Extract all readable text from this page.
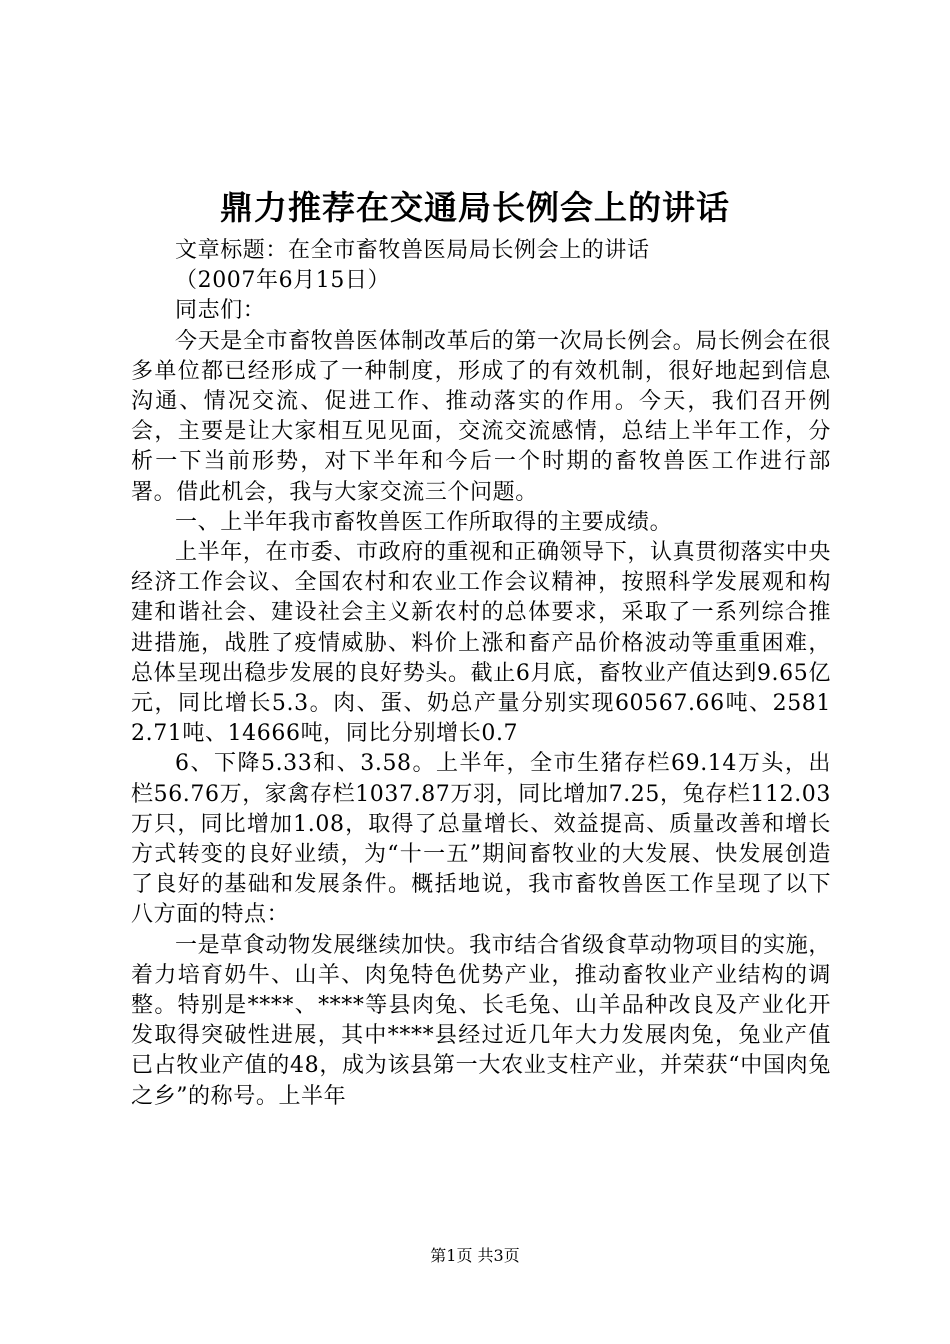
鼎力推荐在交通局长例会上的讲话

文章标题：在全市畜牧兽医局局长例会上的讲话

（2007年6月15日）

同志们：

今天是全市畜牧兽医体制改革后的第一次局长例会。局长例会在很多单位都已经形成了一种制度，形成了的有效机制，很好地起到信息沟通、情况交流、促进工作、推动落实的作用。今天，我们召开例会，主要是让大家相互见见面，交流交流感情，总结上半年工作，分析一下当前形势，对下半年和今后一个时期的畜牧兽医工作进行部署。借此机会，我与大家交流三个问题。

一、上半年我市畜牧兽医工作所取得的主要成绩。

上半年，在市委、市政府的重视和正确领导下，认真贯彻落实中央经济工作会议、全国农村和农业工作会议精神，按照科学发展观和构建和谐社会、建设社会主义新农村的总体要求，采取了一系列综合推进措施，战胜了疫情威胁、料价上涨和畜产品价格波动等重重困难，总体呈现出稳步发展的良好势头。截止6月底，畜牧业产值达到9.65亿元，同比增长5.3。肉、蛋、奶总产量分别实现60567.66吨、25812.71吨、14666吨，同比分别增长0.7

6、下降5.33和、3.58。上半年，全市生猪存栏69.14万头，出栏56.76万，家禽存栏1037.87万羽，同比增加7.25，兔存栏112.03万只，同比增加1.08，取得了总量增长、效益提高、质量改善和增长方式转变的良好业绩，为“十一五”期间畜牧业的大发展、快发展创造了良好的基础和发展条件。概括地说，我市畜牧兽医工作呈现了以下八方面的特点：

一是草食动物发展继续加快。我市结合省级食草动物项目的实施，着力培育奶牛、山羊、肉兔特色优势产业，推动畜牧业产业结构的调整。特别是****、****等县肉兔、长毛兔、山羊品种改良及产业化开发取得突破性进展，其中****县经过近几年大力发展肉兔，兔业产值已占牧业产值的48，成为该县第一大农业支柱产业，并荣获“中国肉兔之乡”的称号。上半年

第1页 共3页
